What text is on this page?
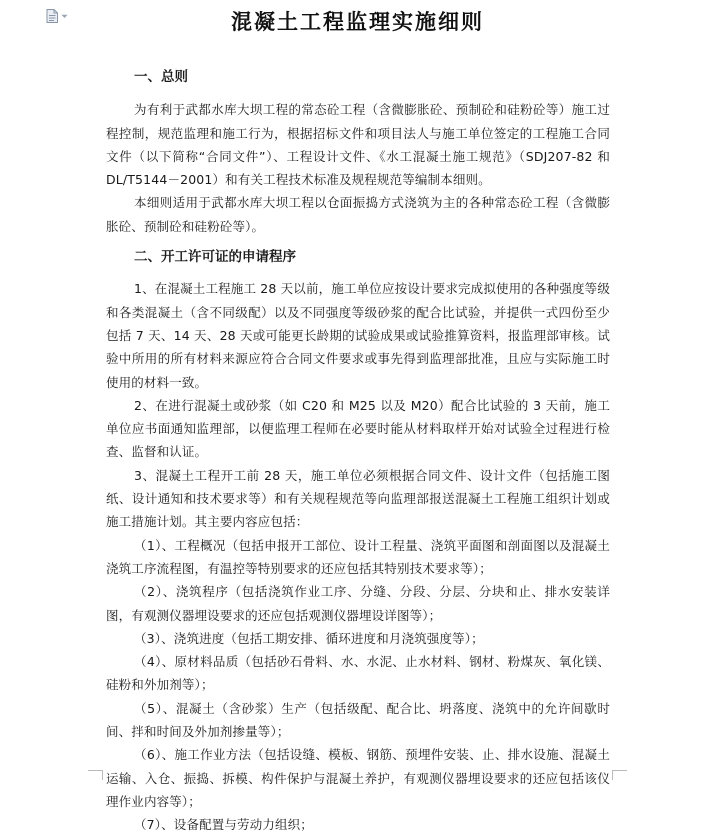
混凝土工程监理实施细则

一、总则

为有利于武都水库大坝工程的常态砼工程（含微膨胀砼、预制砼和硅粉砼等）施工过程控制，规范监理和施工行为，根据招标文件和项目法人与施工单位签定的工程施工合同文件（以下简称“合同文件”）、工程设计文件、《水工混凝土施工规范》（SDJ207-82 和 DL/T5144－2001）和有关工程技术标准及规程规范等编制本细则。

本细则适用于武都水库大坝工程以仓面振捣方式浇筑为主的各种常态砼工程（含微膨胀砼、预制砼和硅粉砼等）。

二、开工许可证的申请程序

1、在混凝土工程施工 28 天以前，施工单位应按设计要求完成拟使用的各种强度等级和各类混凝土（含不同级配）以及不同强度等级砂浆的配合比试验，并提供一式四份至少包括 7 天、14 天、28 天或可能更长龄期的试验成果或试验推算资料，报监理部审核。试验中所用的所有材料来源应符合合同文件要求或事先得到监理部批准，且应与实际施工时使用的材料一致。

2、在进行混凝土或砂浆（如 C20 和 M25 以及 M20）配合比试验的 3 天前，施工单位应书面通知监理部，以便监理工程师在必要时能从材料取样开始对试验全过程进行检查、监督和认证。

3、混凝土工程开工前 28 天，施工单位必须根据合同文件、设计文件（包括施工图纸、设计通知和技术要求等）和有关规程规范等向监理部报送混凝土工程施工组织计划或施工措施计划。其主要内容应包括：

（1）、工程概况（包括申报开工部位、设计工程量、浇筑平面图和剖面图以及混凝土浇筑工序流程图，有温控等特别要求的还应包括其特别技术要求等）；

（2）、浇筑程序（包括浇筑作业工序、分缝、分段、分层、分块和止、排水安装详图，有观测仪器埋设要求的还应包括观测仪器埋设详图等）；

（3）、浇筑进度（包括工期安排、循环进度和月浇筑强度等）；

（4）、原材料品质（包括砂石骨料、水、水泥、止水材料、钢材、粉煤灰、氧化镁、硅粉和外加剂等）；

（5）、混凝土（含砂浆）生产（包括级配、配合比、坍落度、浇筑中的允许间歇时间、拌和时间及外加剂掺量等）；

（6）、施工作业方法（包括设缝、模板、钢筋、预埋件安装、止、排水设施、混凝土运输、入仓、振捣、拆模、构件保护与混凝土养护，有观测仪器埋设要求的还应包括该仪理作业内容等）；

（7）、设备配置与劳动力组织；
